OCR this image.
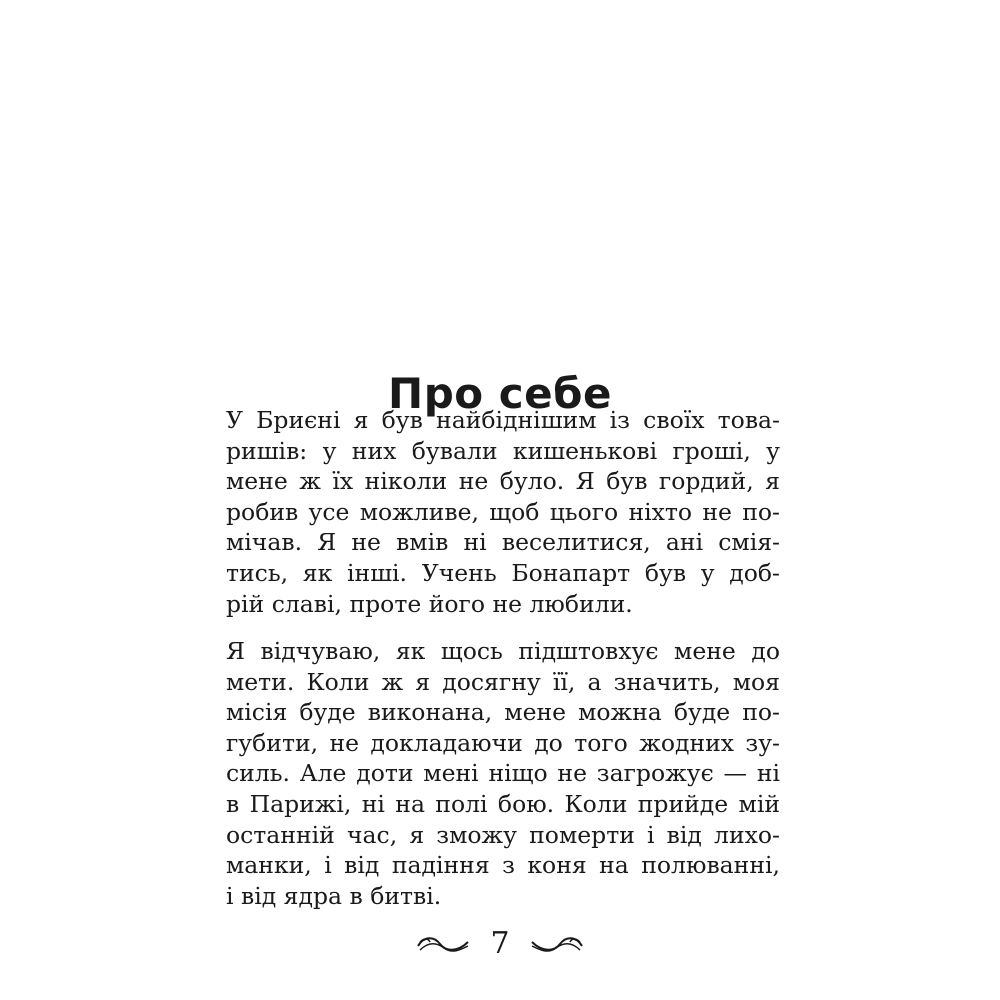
Про себе
У Бриєні я був найбіднішим із своїх това-
ришів: у них бували кишенькові гроші, у
мене ж їх ніколи не було. Я був гордий, я
робив усе можливе, щоб цього ніхто не по-
мічав. Я не вмів ні веселитися, ані смія-
тись, як інші. Учень Бонапарт був у доб-
рій славі, проте його не любили.
Я відчуваю, як щось підштовхує мене до
мети. Коли ж я досягну її, а значить, моя
місія буде виконана, мене можна буде по-
губити, не докладаючи до того жодних зу-
силь. Але доти мені ніщо не загрожує — ні
в Парижі, ні на полі бою. Коли прийде мій
останній час, я зможу померти і від лихо-
манки, і від падіння з коня на полюванні,
і від ядра в битві.
7
